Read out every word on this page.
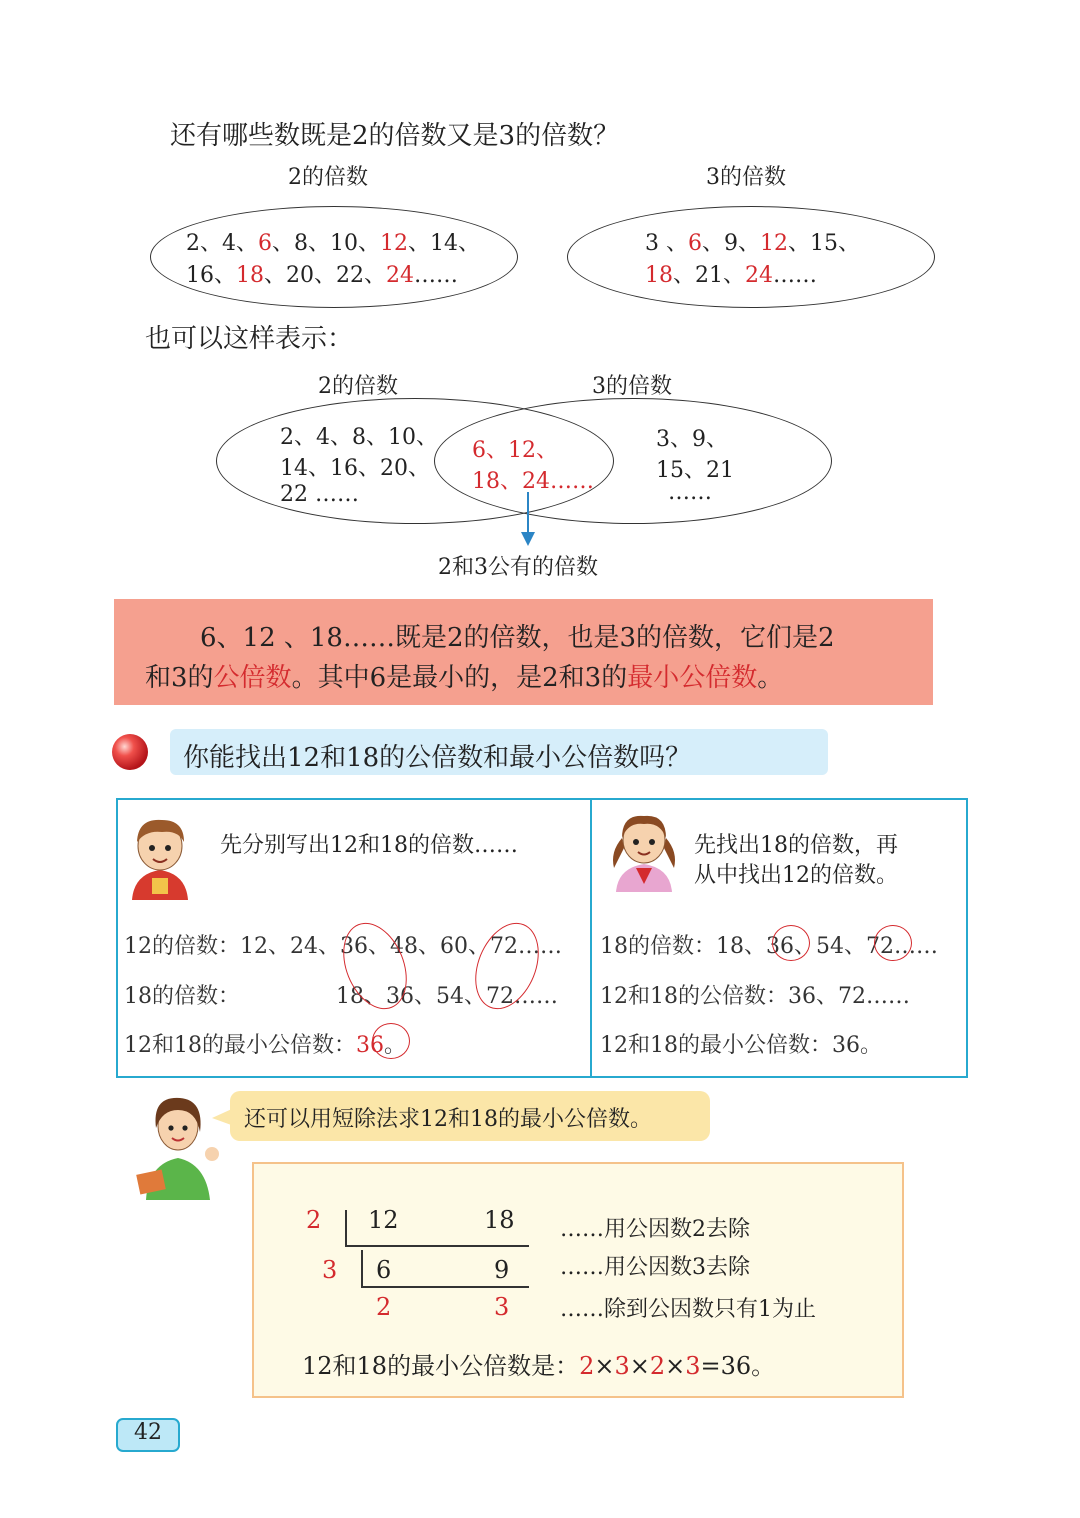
还有哪些数既是2的倍数又是3的倍数？
2的倍数
2、4、6、8、10、12、14、
16、18、20、22、24……
3的倍数
3 、6、9、12、15、
18、21、24……
也可以这样表示：
2的倍数	3的倍数
2、4、8、10、
14、16、20、
22 ……
6、12、
18、24……
3、9、
15、21
……
2和3公有的倍数
6、12 、18……既是2的倍数，也是3的倍数，它们是2
和3的公倍数。其中6是最小的，是2和3的最小公倍数。
你能找出12和18的公倍数和最小公倍数吗？
先分别写出12和18的倍数……
12的倍数：12、24、36、48、60、72……
18的倍数：	18、36、54、72……
12和18的最小公倍数：36。
先找出18的倍数，再
从中找出12的倍数。
18的倍数：18、36、54、72……
12和18的公倍数：36、72……
12和18的最小公倍数：36。
还可以用短除法求12和18的最小公倍数。
2 12	18 ……用公因数2去除
3 6	9 ……用公因数3去除
2	3 ……除到公因数只有1为止
12和18的最小公倍数是：2×3×2×3=36。
42
